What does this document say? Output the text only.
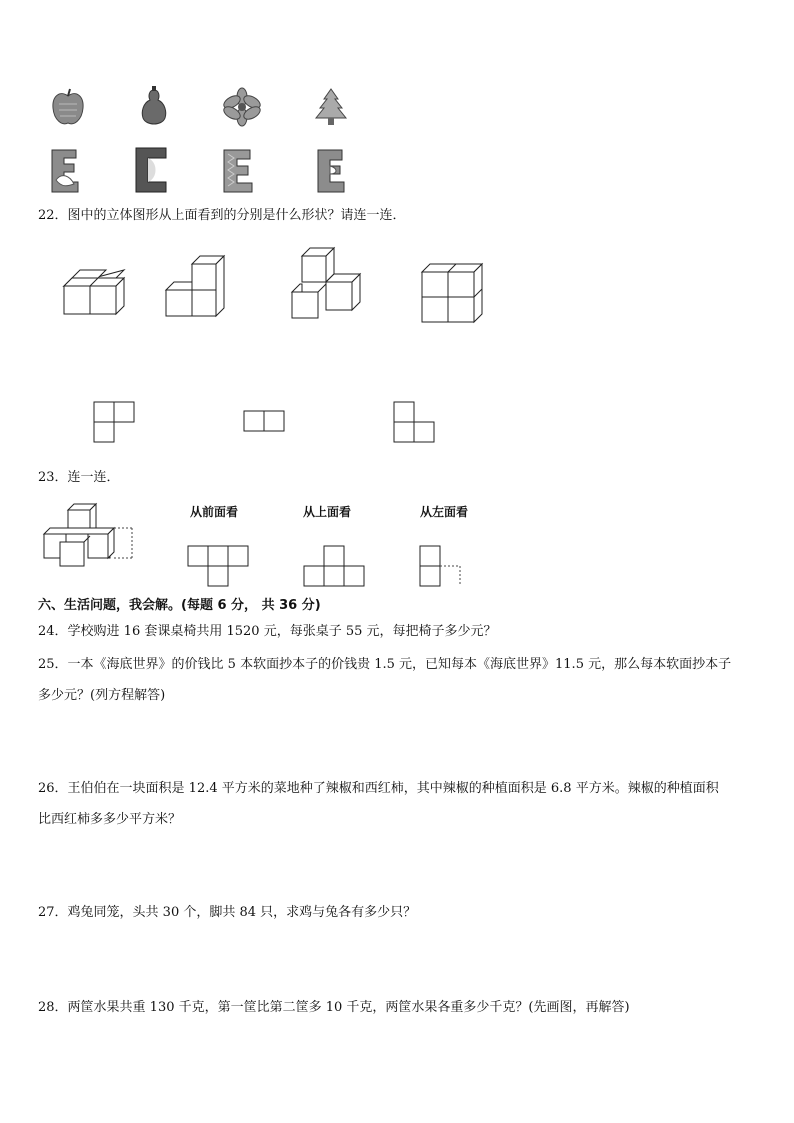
22．图中的立体图形从上面看到的分别是什么形状？请连一连．
23．连一连．
从前面看	从上面看	从左面看
六、生活问题，我会解。(每题 6 分， 共 36 分)
24．学校购进 16 套课桌椅共用 1520 元，每张桌子 55 元，每把椅子多少元？
25．一本《海底世界》的价钱比 5 本软面抄本子的价钱贵 1.5 元，已知每本《海底世界》11.5 元，那么每本软面抄本子
多少元？(列方程解答)
26．王伯伯在一块面积是 12.4 平方米的菜地种了辣椒和西红柿，其中辣椒的种植面积是 6.8 平方米。辣椒的种植面积
比西红柿多多少平方米？
27．鸡兔同笼，头共 30 个，脚共 84 只，求鸡与兔各有多少只？
28．两筐水果共重 130 千克，第一筐比第二筐多 10 千克，两筐水果各重多少千克？(先画图，再解答)
